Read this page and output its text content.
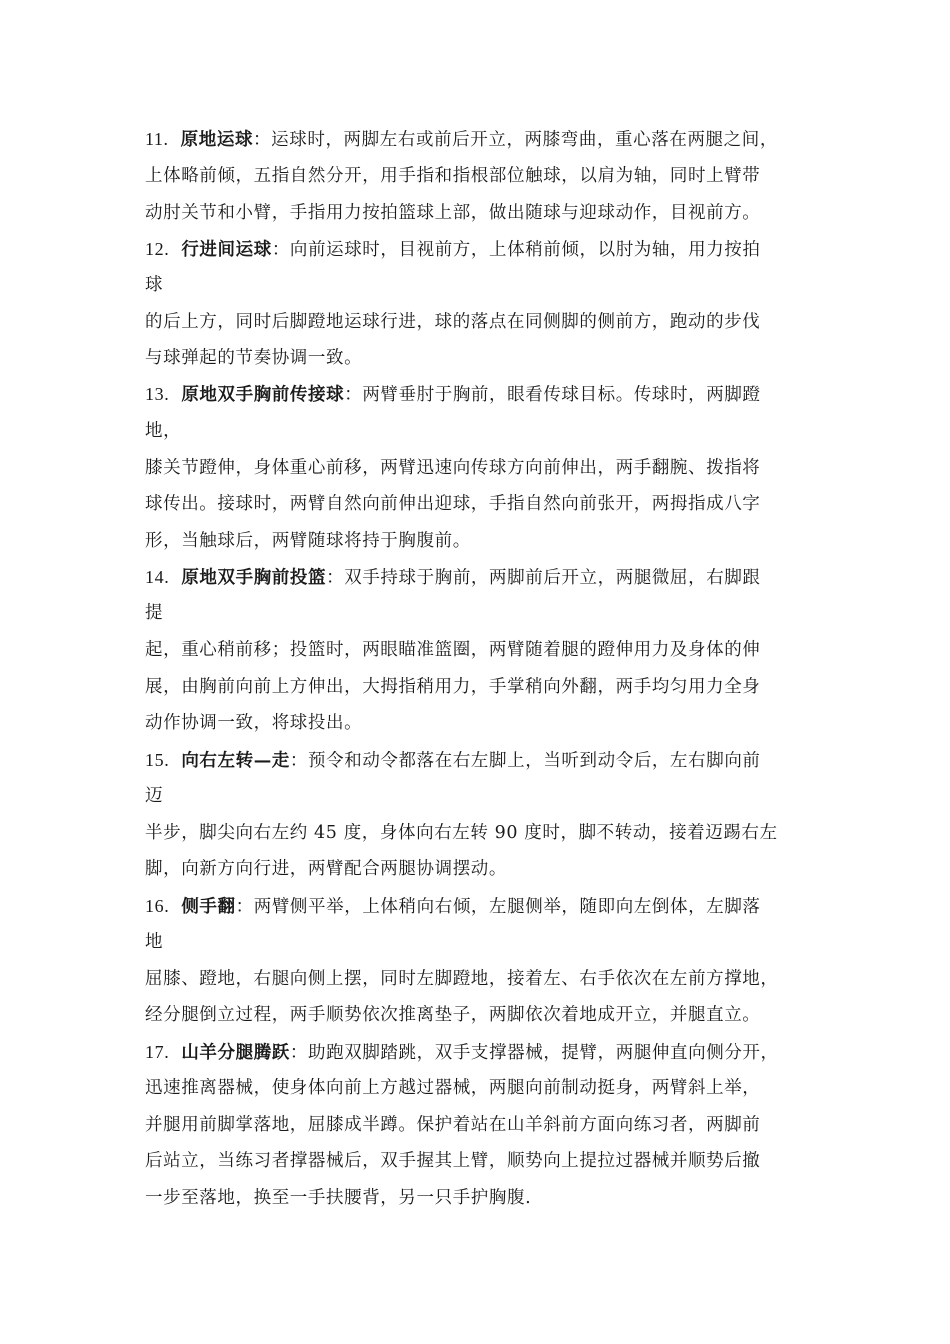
11. 原地运球：运球时，两脚左右或前后开立，两膝弯曲，重心落在两腿之间，
上体略前倾，五指自然分开，用手指和指根部位触球，以肩为轴，同时上臂带
动肘关节和小臂，手指用力按拍篮球上部，做出随球与迎球动作，目视前方。
12. 行进间运球：向前运球时，目视前方，上体稍前倾，以肘为轴，用力按拍
球
的后上方，同时后脚蹬地运球行进，球的落点在同侧脚的侧前方，跑动的步伐
与球弹起的节奏协调一致。
13. 原地双手胸前传接球：两臂垂肘于胸前，眼看传球目标。传球时，两脚蹬
地，
膝关节蹬伸，身体重心前移，两臂迅速向传球方向前伸出，两手翻腕、拨指将
球传出。接球时，两臂自然向前伸出迎球，手指自然向前张开，两拇指成八字
形，当触球后，两臂随球将持于胸腹前。
14. 原地双手胸前投篮：双手持球于胸前，两脚前后开立，两腿微屈，右脚跟
提
起，重心稍前移；投篮时，两眼瞄准篮圈，两臂随着腿的蹬伸用力及身体的伸
展，由胸前向前上方伸出，大拇指稍用力，手掌稍向外翻，两手均匀用力全身
动作协调一致，将球投出。
15. 向右左转—走：预令和动令都落在右左脚上，当听到动令后，左右脚向前
迈
半步，脚尖向右左约 45 度，身体向右左转 90 度时，脚不转动，接着迈踢右左
脚，向新方向行进，两臂配合两腿协调摆动。
16. 侧手翻：两臂侧平举，上体稍向右倾，左腿侧举，随即向左倒体，左脚落
地
屈膝、蹬地，右腿向侧上摆，同时左脚蹬地，接着左、右手依次在左前方撑地，
经分腿倒立过程，两手顺势依次推离垫子，两脚依次着地成开立，并腿直立。
17. 山羊分腿腾跃：助跑双脚踏跳，双手支撑器械，提臂，两腿伸直向侧分开，
迅速推离器械，使身体向前上方越过器械，两腿向前制动挺身，两臂斜上举，
并腿用前脚掌落地，屈膝成半蹲。保护着站在山羊斜前方面向练习者，两脚前
后站立，当练习者撑器械后，双手握其上臂，顺势向上提拉过器械并顺势后撤
一步至落地，换至一手扶腰背，另一只手护胸腹.
